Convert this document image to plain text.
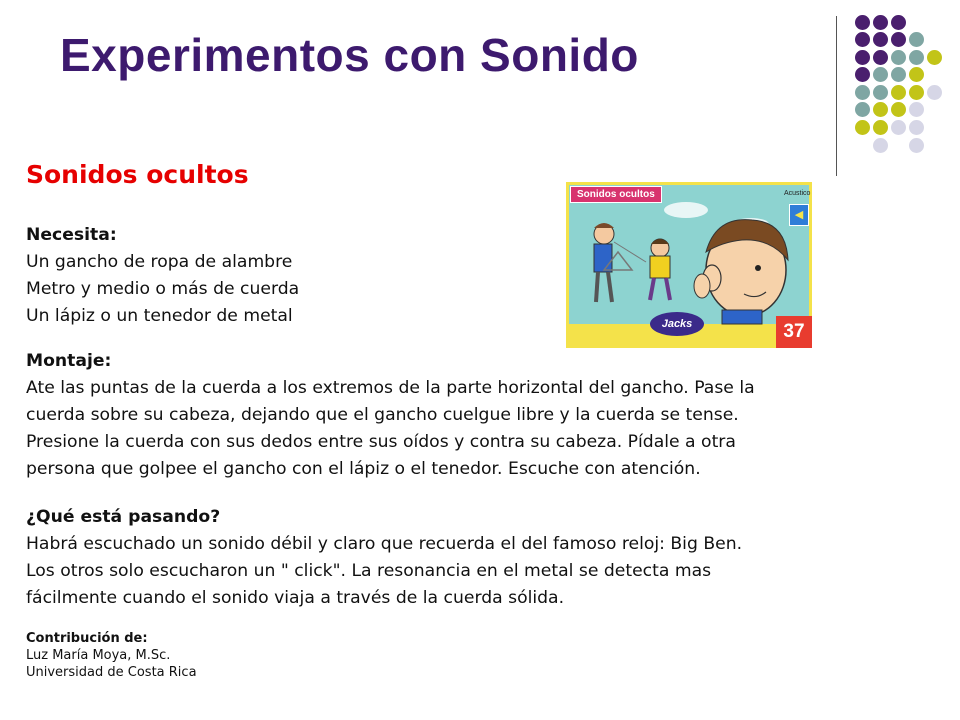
Experimentos con Sonido
Sonidos ocultos
Necesita:
Un gancho de ropa de alambre
Metro y medio o más de cuerda
Un lápiz o un tenedor de metal
Montaje:
Ate las puntas de la cuerda a los extremos de la parte horizontal del gancho. Pase la
cuerda sobre su cabeza, dejando que el gancho cuelgue libre y la cuerda se tense.
Presione la cuerda con sus dedos entre sus oídos y contra su cabeza. Pídale a otra
persona que golpee el gancho con el lápiz o el tenedor. Escuche con atención.
¿Qué está pasando?
Habrá escuchado un sonido débil y claro que recuerda el del famoso reloj: Big Ben.
Los otros solo escucharon un " click". La resonancia en el metal se detecta mas
fácilmente cuando el sonido viaja a través de la cuerda sólida.
Contribución de:
Luz María Moya, M.Sc.
Universidad de Costa Rica
Sonidos ocultos	Acustico
◀
Jacks	37
